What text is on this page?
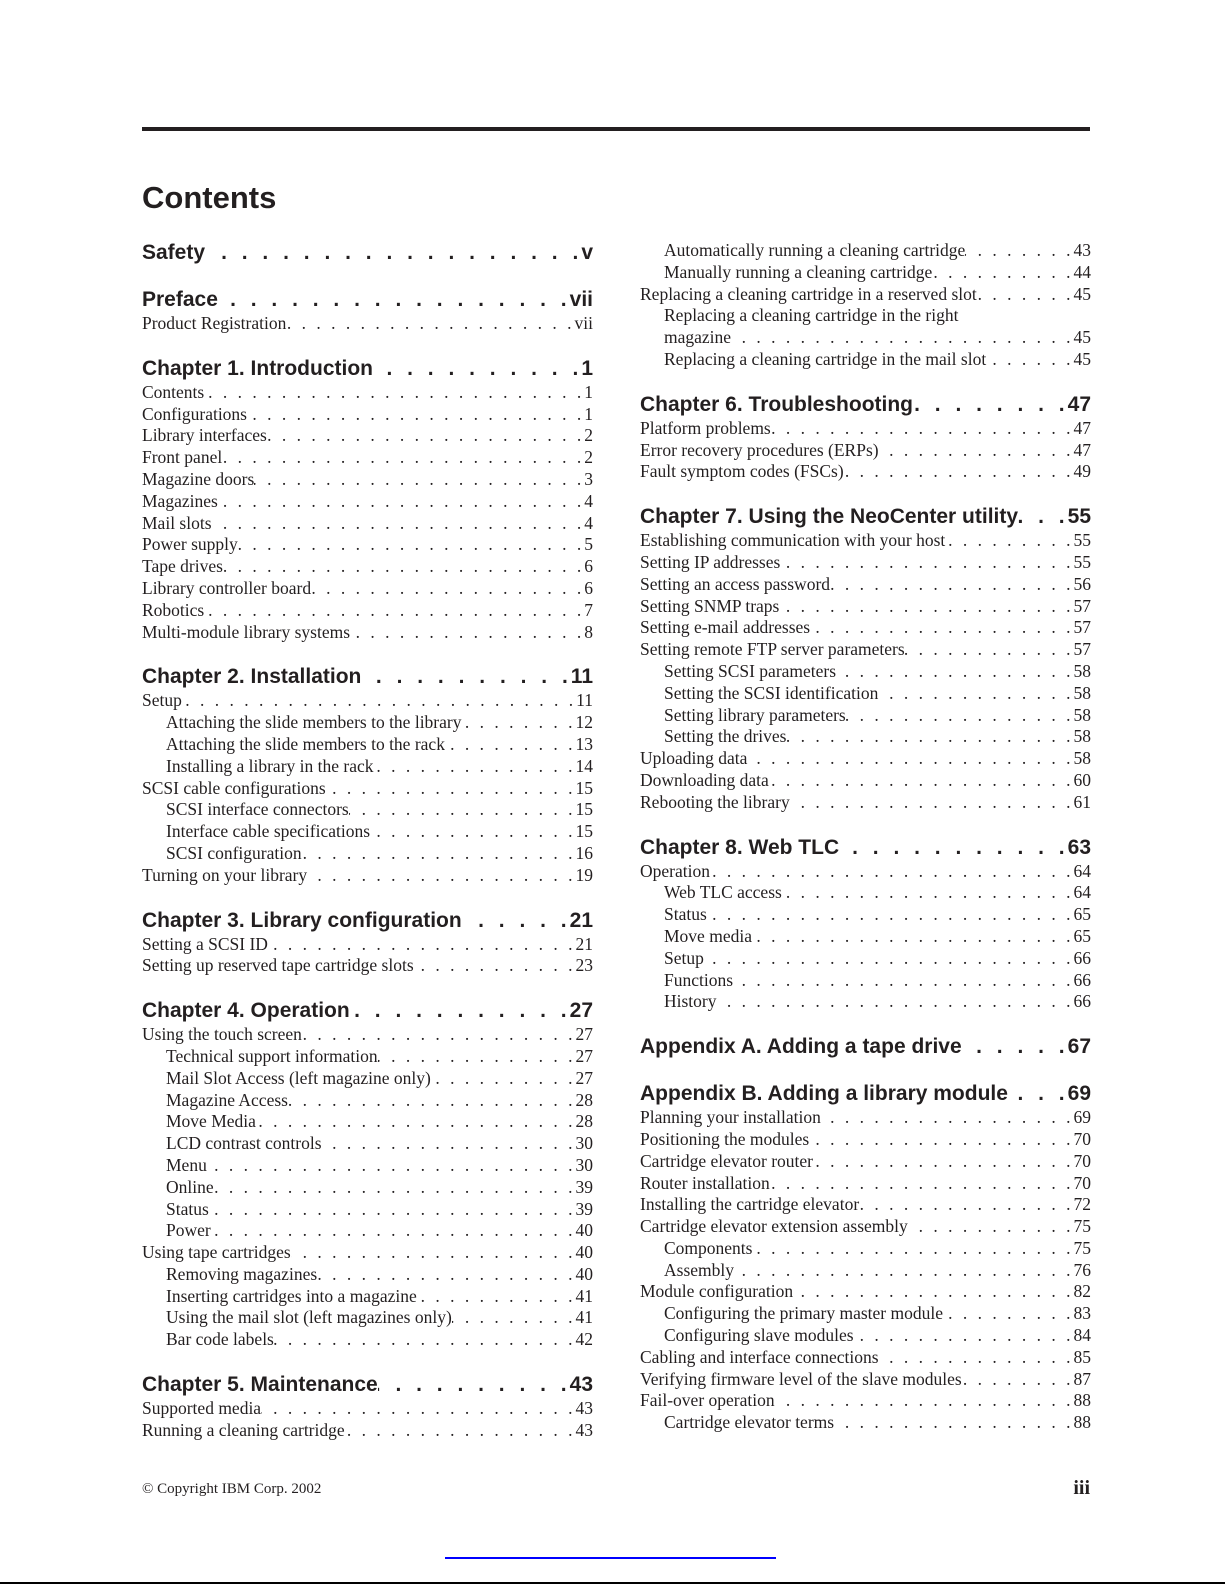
Contents
Safety . . .	v
Preface . . .	vii
Product Registration . . .	vii
Chapter 1. Introduction . . .	1
Contents . . .	1
Configurations . . .	1
Library interfaces . . .	2
Front panel . . .	2
Magazine doors . . .	3
Magazines . . .	4
Mail slots . . .	4
Power supply . . .	5
Tape drives . . .	6
Library controller board . . .	6
Robotics . . .	7
Multi-module library systems . . .	8
Chapter 2. Installation . . .	11
Setup . . .	11
Attaching the slide members to the library . . .	12
Attaching the slide members to the rack . . .	13
Installing a library in the rack . . .	14
SCSI cable configurations . . .	15
SCSI interface connectors . . .	15
Interface cable specifications . . .	15
SCSI configuration . . .	16
Turning on your library . . .	19
Chapter 3. Library configuration . . .	21
Setting a SCSI ID . . .	21
Setting up reserved tape cartridge slots . . .	23
Chapter 4. Operation . . .	27
Using the touch screen . . .	27
Technical support information . . .	27
Mail Slot Access (left magazine only) . . .	27
Magazine Access . . .	28
Move Media . . .	28
LCD contrast controls . . .	30
Menu . . .	30
Online . . .	39
Status . . .	39
Power . . .	40
Using tape cartridges . . .	40
Removing magazines . . .	40
Inserting cartridges into a magazine . . .	41
Using the mail slot (left magazines only) . . .	41
Bar code labels . . .	42
Chapter 5. Maintenance . . .	43
Supported media . . .	43
Running a cleaning cartridge . . .	43
Automatically running a cleaning cartridge . . .	43
Manually running a cleaning cartridge . . .	44
Replacing a cleaning cartridge in a reserved slot . . .	45
Replacing a cleaning cartridge in the right
magazine . . .	45
Replacing a cleaning cartridge in the mail slot . . .	45
Chapter 6. Troubleshooting . . .	47
Platform problems . . .	47
Error recovery procedures (ERPs) . . .	47
Fault symptom codes (FSCs) . . .	49
Chapter 7. Using the NeoCenter utility . . . 55
Establishing communication with your host . . .	55
Setting IP addresses . . .	55
Setting an access password . . .	56
Setting SNMP traps . . .	57
Setting e-mail addresses . . .	57
Setting remote FTP server parameters . . .	57
Setting SCSI parameters . . .	58
Setting the SCSI identification . . .	58
Setting library parameters . . .	58
Setting the drives . . .	58
Uploading data . . .	58
Downloading data . . .	60
Rebooting the library . . .	61
Chapter 8. Web TLC . . .	63
Operation . . .	64
Web TLC access . . .	64
Status . . .	65
Move media . . .	65
Setup . . .	66
Functions . . .	66
History . . .	66
Appendix A. Adding a tape drive . . .	67
Appendix B. Adding a library module . . .	69
Planning your installation . . .	69
Positioning the modules . . .	70
Cartridge elevator router . . .	70
Router installation . . .	70
Installing the cartridge elevator . . .	72
Cartridge elevator extension assembly . . .	75
Components . . .	75
Assembly . . .	76
Module configuration . . .	82
Configuring the primary master module . . .	83
Configuring slave modules . . .	84
Cabling and interface connections . . .	85
Verifying firmware level of the slave modules . . .	87
Fail-over operation . . .	88
Cartridge elevator terms . . .	88
© Copyright IBM Corp. 2002	iii
